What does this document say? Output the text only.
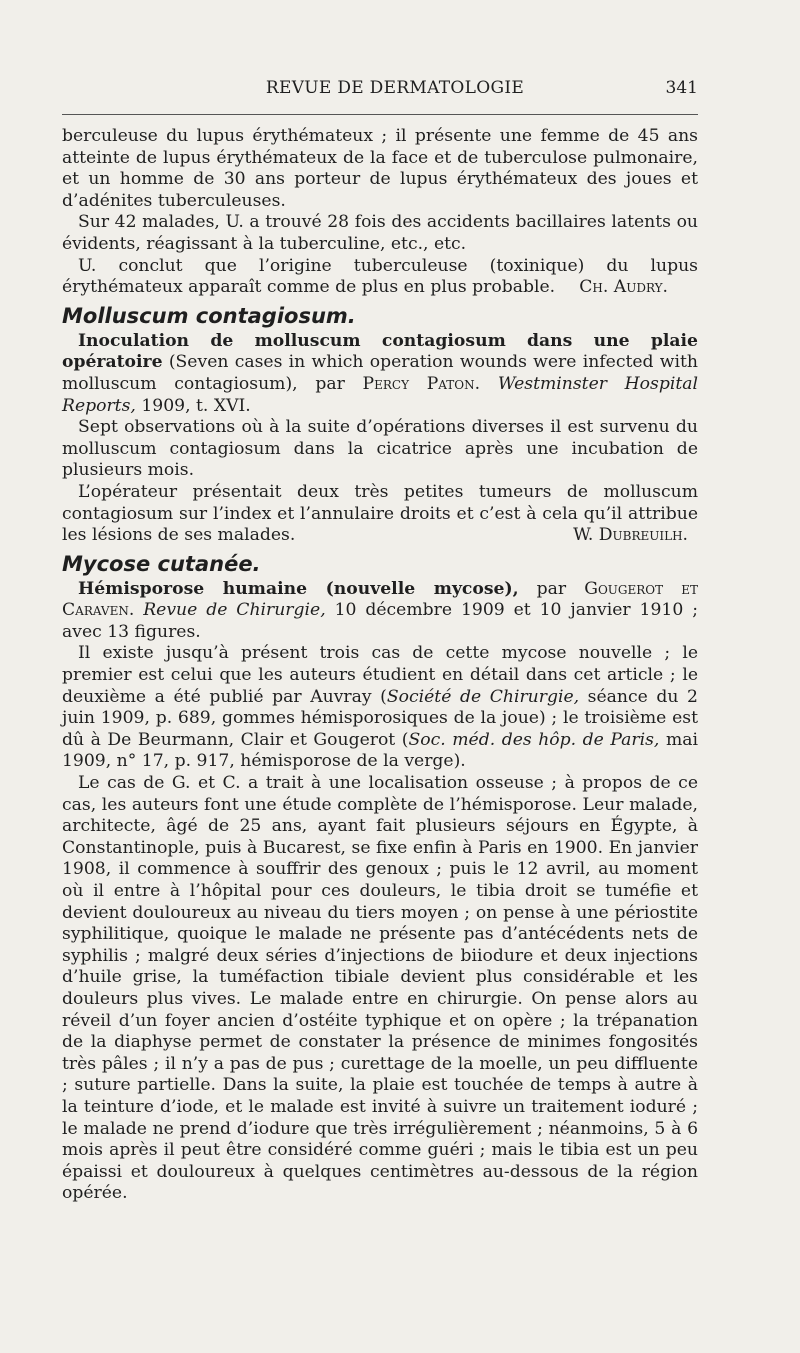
REVUE DE DERMATOLOGIE	341

berculeuse du lupus érythémateux ; il présente une femme de 45 ans atteinte de lupus érythémateux de la face et de tuberculose pulmonaire, et un homme de 30 ans porteur de lupus érythémateux des joues et d’adénites tuberculeuses.

Sur 42 malades, U. a trouvé 28 fois des accidents bacillaires latents ou évidents, réagissant à la tuberculine, etc., etc.

U. conclut que l’origine tuberculeuse (toxinique) du lupus érythémateux apparaît comme de plus en plus probable.	Ch. Audry.

Molluscum contagiosum.

Inoculation de molluscum contagiosum dans une plaie opératoire (Seven cases in which operation wounds were infected with molluscum contagiosum), par Percy Paton. Westminster Hospital Reports, 1909, t. XVI.

Sept observations où à la suite d’opérations diverses il est survenu du molluscum contagiosum dans la cicatrice après une incubation de plusieurs mois.

L’opérateur présentait deux très petites tumeurs de molluscum contagiosum sur l’index et l’annulaire droits et c’est à cela qu’il attribue les lésions de ses malades.	W. Dubreuilh.

Mycose cutanée.

Hémisporose humaine (nouvelle mycose), par Gougerot et Caraven. Revue de Chirurgie, 10 décembre 1909 et 10 janvier 1910 ; avec 13 figures.

Il existe jusqu’à présent trois cas de cette mycose nouvelle ; le premier est celui que les auteurs étudient en détail dans cet article ; le deuxième a été publié par Auvray (Société de Chirurgie, séance du 2 juin 1909, p. 689, gommes hémisporosiques de la joue) ; le troisième est dû à De Beurmann, Clair et Gougerot (Soc. méd. des hôp. de Paris, mai 1909, n° 17, p. 917, hémisporose de la verge).

Le cas de G. et C. a trait à une localisation osseuse ; à propos de ce cas, les auteurs font une étude complète de l’hémisporose. Leur malade, architecte, âgé de 25 ans, ayant fait plusieurs séjours en Égypte, à Constantinople, puis à Bucarest, se fixe enfin à Paris en 1900. En janvier 1908, il commence à souffrir des genoux ; puis le 12 avril, au moment où il entre à l’hôpital pour ces douleurs, le tibia droit se tuméfie et devient douloureux au niveau du tiers moyen ; on pense à une périostite syphilitique, quoique le malade ne présente pas d’antécédents nets de syphilis ; malgré deux séries d’injections de biiodure et deux injections d’huile grise, la tuméfaction tibiale devient plus considérable et les douleurs plus vives. Le malade entre en chirurgie. On pense alors au réveil d’un foyer ancien d’ostéite typhique et on opère ; la trépanation de la diaphyse permet de constater la présence de minimes fongosités très pâles ; il n’y a pas de pus ; curettage de la moelle, un peu diffluente ; suture partielle. Dans la suite, la plaie est touchée de temps à autre à la teinture d’iode, et le malade est invité à suivre un traitement ioduré ; le malade ne prend d’iodure que très irrégulièrement ; néanmoins, 5 à 6 mois après il peut être considéré comme guéri ; mais le tibia est un peu épaissi et douloureux à quelques centimètres au-dessous de la région opérée.
